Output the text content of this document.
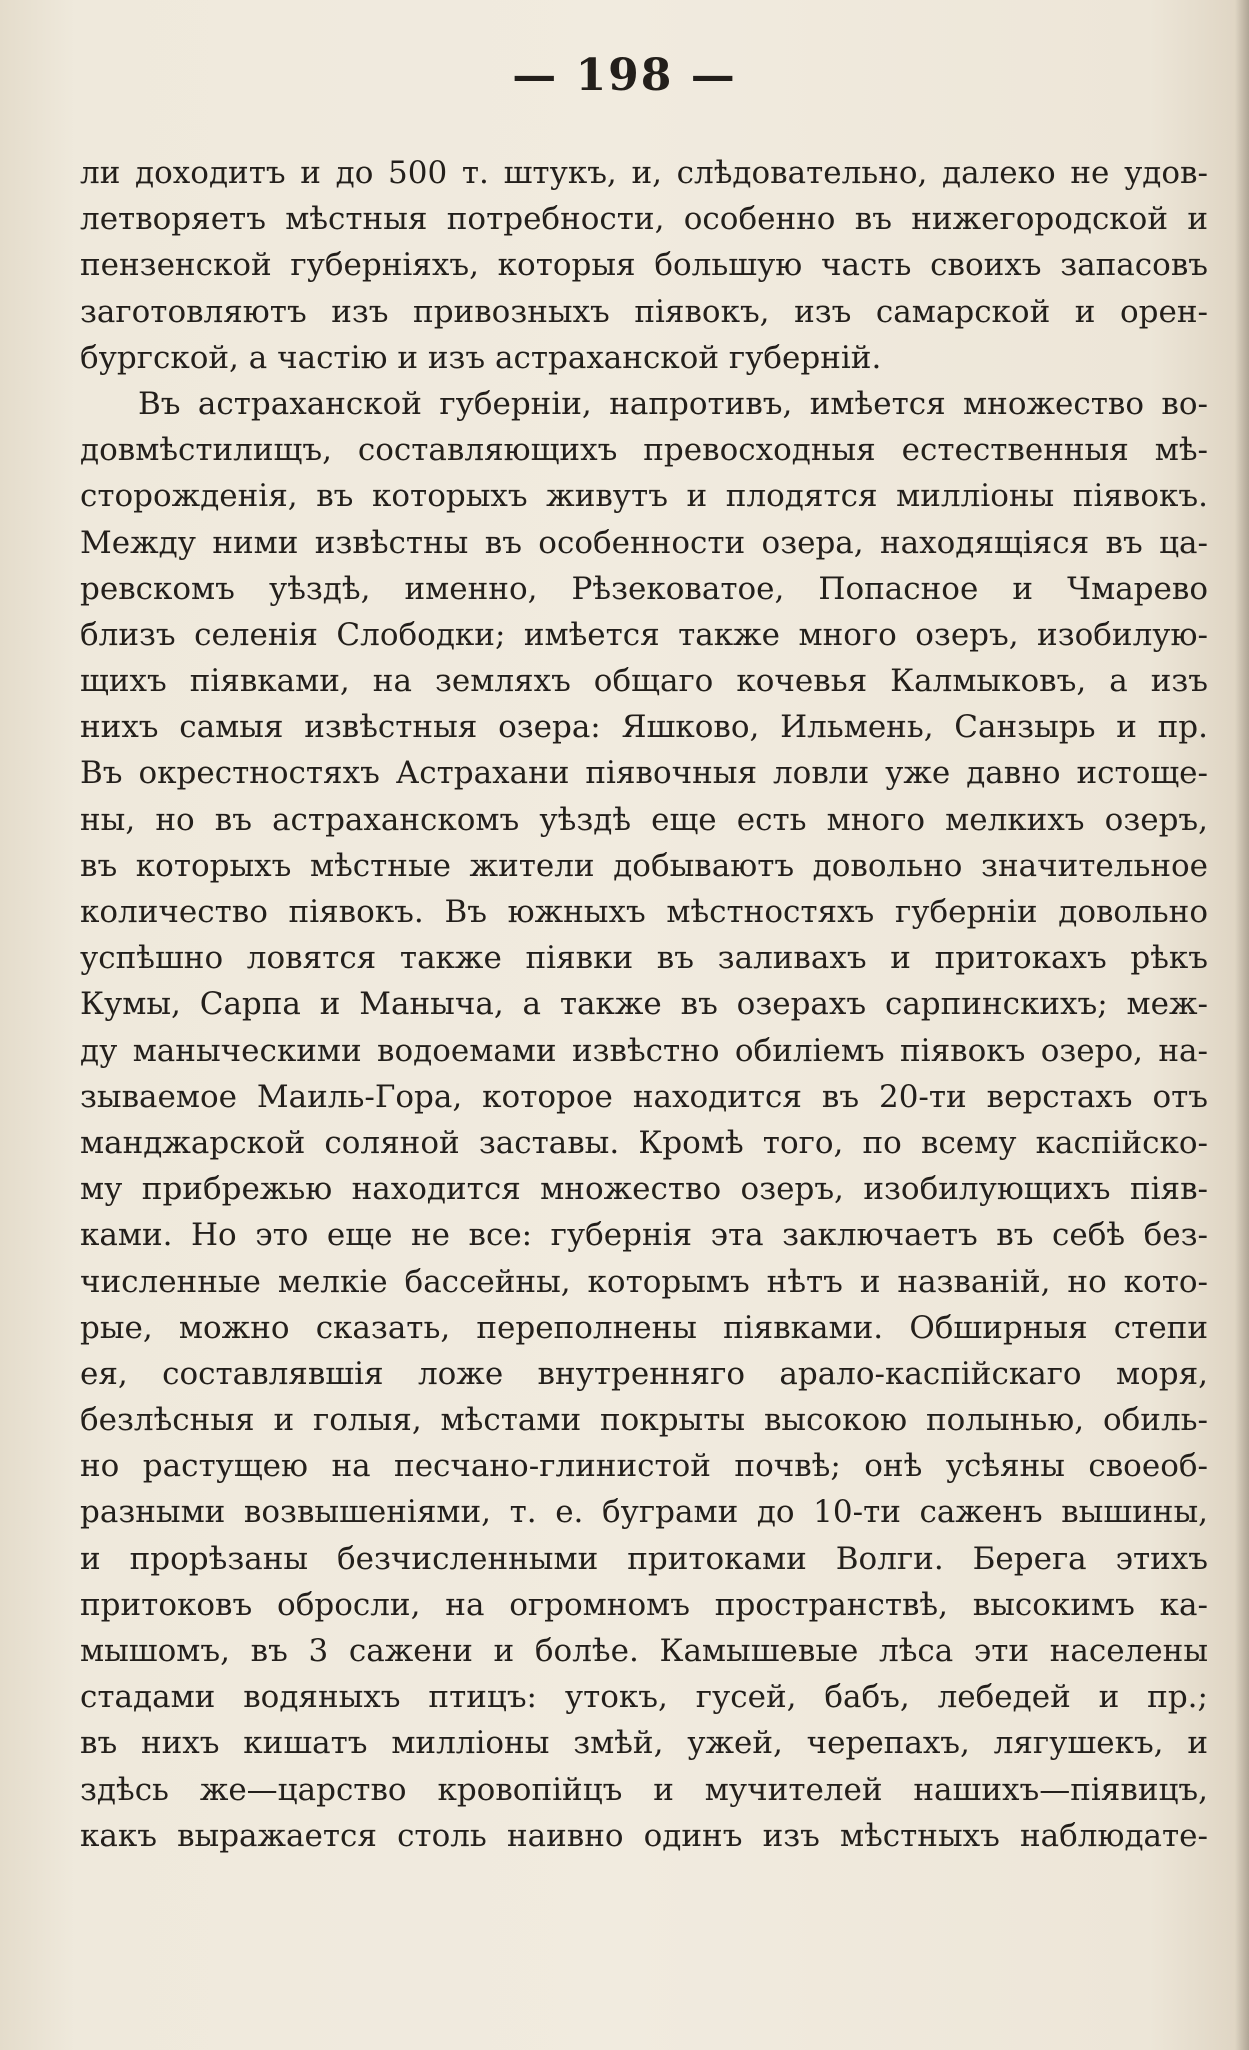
— 198 —
ли доходитъ и до 500 т. штукъ, и, слѣдовательно, далеко не удов-
летворяетъ мѣстныя потребности, особенно въ нижегородской и
пензенской губерніяхъ, которыя большую часть своихъ запасовъ
заготовляютъ изъ привозныхъ піявокъ, изъ самарской и орен-
бургской, а частію и изъ астраханской губерній.
Въ астраханской губерніи, напротивъ, имѣется множество во-
довмѣстилищъ, составляющихъ превосходныя естественныя мѣ-
сторожденія, въ которыхъ живутъ и плодятся милліоны піявокъ.
Между ними извѣстны въ особенности озера, находящіяся въ ца-
ревскомъ уѣздѣ, именно, Рѣзековатое, Попасное и Чмарево
близъ селенія Слободки; имѣется также много озеръ, изобилую-
щихъ піявками, на земляхъ общаго кочевья Калмыковъ, а изъ
нихъ самыя извѣстныя озера: Яшково, Ильмень, Санзырь и пр.
Въ окрестностяхъ Астрахани піявочныя ловли уже давно истоще-
ны, но въ астраханскомъ уѣздѣ еще есть много мелкихъ озеръ,
въ которыхъ мѣстные жители добываютъ довольно значительное
количество піявокъ. Въ южныхъ мѣстностяхъ губерніи довольно
успѣшно ловятся также піявки въ заливахъ и притокахъ рѣкъ
Кумы, Сарпа и Маныча, а также въ озерахъ сарпинскихъ; меж-
ду маныческими водоемами извѣстно обиліемъ піявокъ озеро, на-
зываемое Маиль-Гора, которое находится въ 20-ти верстахъ отъ
манджарской соляной заставы. Кромѣ того, по всему каспійско-
му прибрежью находится множество озеръ, изобилующихъ піяв-
ками. Но это еще не все: губернія эта заключаетъ въ себѣ без-
численные мелкіе бассейны, которымъ нѣтъ и названій, но кото-
рые, можно сказать, переполнены піявками. Обширныя степи
ея, составлявшія ложе внутренняго арало-каспійскаго моря,
безлѣсныя и голыя, мѣстами покрыты высокою полынью, обиль-
но растущею на песчано-глинистой почвѣ; онѣ усѣяны своеоб-
разными возвышеніями, т. е. буграми до 10-ти саженъ вышины,
и прорѣзаны безчисленными притоками Волги. Берега этихъ
притоковъ обросли, на огромномъ пространствѣ, высокимъ ка-
мышомъ, въ 3 сажени и болѣе. Камышевые лѣса эти населены
стадами водяныхъ птицъ: утокъ, гусей, бабъ, лебедей и пр.;
въ нихъ кишатъ милліоны змѣй, ужей, черепахъ, лягушекъ, и
здѣсь же—царство кровопійцъ и мучителей нашихъ—піявицъ,
какъ выражается столь наивно одинъ изъ мѣстныхъ наблюдате-
